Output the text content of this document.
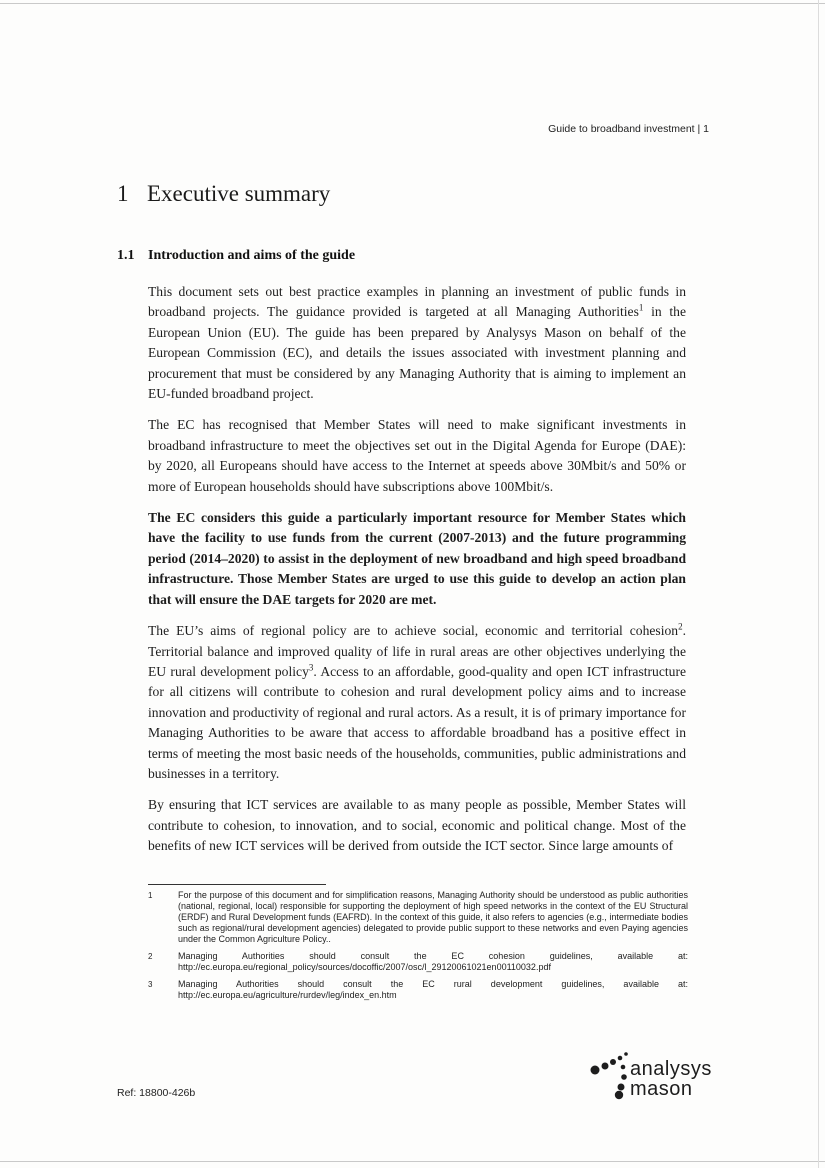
Guide to broadband investment | 1
1 Executive summary
1.1 Introduction and aims of the guide

This document sets out best practice examples in planning an investment of public funds in broadband projects. The guidance provided is targeted at all Managing Authorities$^1$ in the European Union (EU). The guide has been prepared by Analysys Mason on behalf of the European Commission (EC), and details the issues associated with investment planning and procurement that must be considered by any Managing Authority that is aiming to implement an EU-funded broadband project.

The EC has recognised that Member States will need to make significant investments in broadband infrastructure to meet the objectives set out in the Digital Agenda for Europe (DAE): by 2020, all Europeans should have access to the Internet at speeds above 30Mbit/s and 50% or more of European households should have subscriptions above 100Mbit/s.

The EC considers this guide a particularly important resource for Member States which have the facility to use funds from the current (2007-2013) and the future programming period (2014–2020) to assist in the deployment of new broadband and high speed broadband infrastructure. Those Member States are urged to use this guide to develop an action plan that will ensure the DAE targets for 2020 are met.

The EU’s aims of regional policy are to achieve social, economic and territorial cohesion$^2$. Territorial balance and improved quality of life in rural areas are other objectives underlying the EU rural development policy$^3$. Access to an affordable, good-quality and open ICT infrastructure for all citizens will contribute to cohesion and rural development policy aims and to increase innovation and productivity of regional and rural actors. As a result, it is of primary importance for Managing Authorities to be aware that access to affordable broadband has a positive effect in terms of meeting the most basic needs of the households, communities, public administrations and businesses in a territory.

By ensuring that ICT services are available to as many people as possible, Member States will contribute to cohesion, to innovation, and to social, economic and political change. Most of the benefits of new ICT services will be derived from outside the ICT sector. Since large amounts of

1	For the purpose of this document and for simplification reasons, Managing Authority should be understood as public authorities (national, regional, local) responsible for supporting the deployment of high speed networks in the context of the EU Structural (ERDF) and Rural Development funds (EAFRD). In the context of this guide, it also refers to agencies (e.g., intermediate bodies such as regional/rural development agencies) delegated to provide public support to these networks and even Paying agencies under the Common Agriculture Policy..
2	Managing Authorities should consult the EC cohesion guidelines, available at: http://ec.europa.eu/regional_policy/sources/docoffic/2007/osc/l_29120061021en00110032.pdf
3	Managing Authorities should consult the EC rural development guidelines, available at: http://ec.europa.eu/agriculture/rurdev/leg/index_en.htm
Ref: 18800-426b
analysys
mason
